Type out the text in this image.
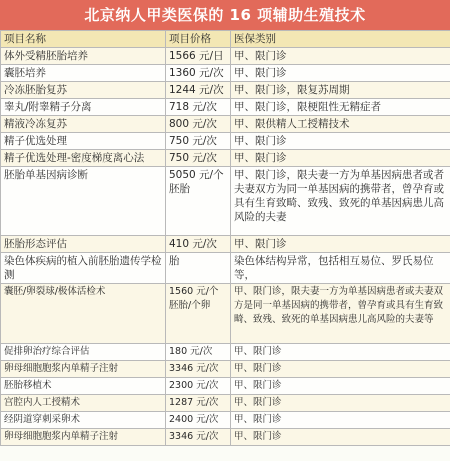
北京纳人甲类医保的 16 项辅助生殖技术
项目名称	项目价格	医保类别
体外受精胚胎培养	1566 元/日	甲、限门诊
囊胚培养	1360 元/次	甲、限门诊
冷冻胚胎复苏	1244 元/次	甲、限门诊，限复苏周期
睾丸/附睾精子分离	718 元/次	甲、限门诊，限梗阻性无精症者
精液冷冻复苏	800 元/次	甲、限供精人工授精技术
精子优选处理	750 元/次	甲、限门诊
精子优选处理-密度梯度离心法	750 元/次	甲、限门诊
胚胎单基因病诊断	5050 元/个胚胎	甲、限门诊，限夫妻一方为单基因病患者或者夫妻双方为同一单基因病的携带者，曾孕育或具有生育致畸、致残、致死的单基因病患儿高风险的夫妻
胚胎形态评估	410 元/次	甲、限门诊
染色体疾病的植入前胚胎遗传学检测	胎	染色体结构异常，包括相互易位、罗氏易位等，
囊胚/卵裂球/极体活检术	1560 元/个胚胎/个卵	甲、限门诊，限夫妻一方为单基因病患者或夫妻双方是同一单基因病的携带者，曾孕育或具有生育致畸、致残、致死的单基因病患儿高风险的夫妻等
促排卵治疗综合评估	180 元/次	甲、限门诊
卵母细胞胞浆内单精子注射	3346 元/次	甲、限门诊
胚胎移植术	2300 元/次	甲、限门诊
宫腔内人工授精术	1287 元/次	甲、限门诊
经阴道穿刺采卵术	2400 元/次	甲、限门诊
卵母细胞胞浆内单精子注射	3346 元/次	甲、限门诊
